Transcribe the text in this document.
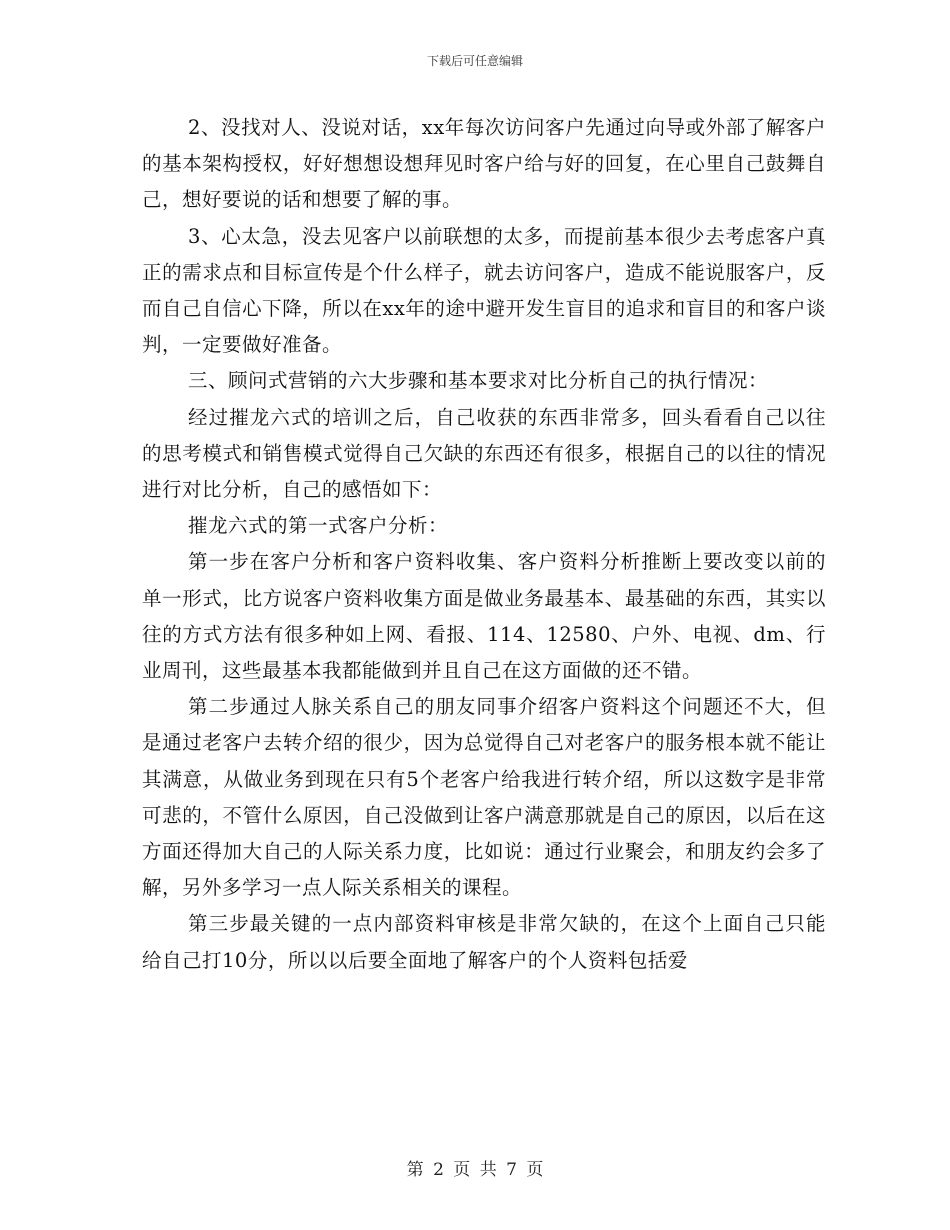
下载后可任意编辑

2、没找对人、没说对话，xx年每次访问客户先通过向导或外部了解客户的基本架构授权，好好想想设想拜见时客户给与好的回复，在心里自己鼓舞自己，想好要说的话和想要了解的事。

3、心太急，没去见客户以前联想的太多，而提前基本很少去考虑客户真正的需求点和目标宣传是个什么样子，就去访问客户，造成不能说服客户，反而自己自信心下降，所以在xx年的途中避开发生盲目的追求和盲目的和客户谈判，一定要做好准备。

三、顾问式营销的六大步骤和基本要求对比分析自己的执行情况：

经过摧龙六式的培训之后，自己收获的东西非常多，回头看看自己以往的思考模式和销售模式觉得自己欠缺的东西还有很多，根据自己的以往的情况进行对比分析，自己的感悟如下：

摧龙六式的第一式客户分析：

第一步在客户分析和客户资料收集、客户资料分析推断上要改变以前的单一形式，比方说客户资料收集方面是做业务最基本、最基础的东西，其实以往的方式方法有很多种如上网、看报、114、12580、户外、电视、dm、行业周刊，这些最基本我都能做到并且自己在这方面做的还不错。

第二步通过人脉关系自己的朋友同事介绍客户资料这个问题还不大，但是通过老客户去转介绍的很少，因为总觉得自己对老客户的服务根本就不能让其满意，从做业务到现在只有5个老客户给我进行转介绍，所以这数字是非常可悲的，不管什么原因，自己没做到让客户满意那就是自己的原因，以后在这方面还得加大自己的人际关系力度，比如说：通过行业聚会，和朋友约会多了解，另外多学习一点人际关系相关的课程。

第三步最关键的一点内部资料审核是非常欠缺的，在这个上面自己只能给自己打10分，所以以后要全面地了解客户的个人资料包括爱

第 2 页 共 7 页
